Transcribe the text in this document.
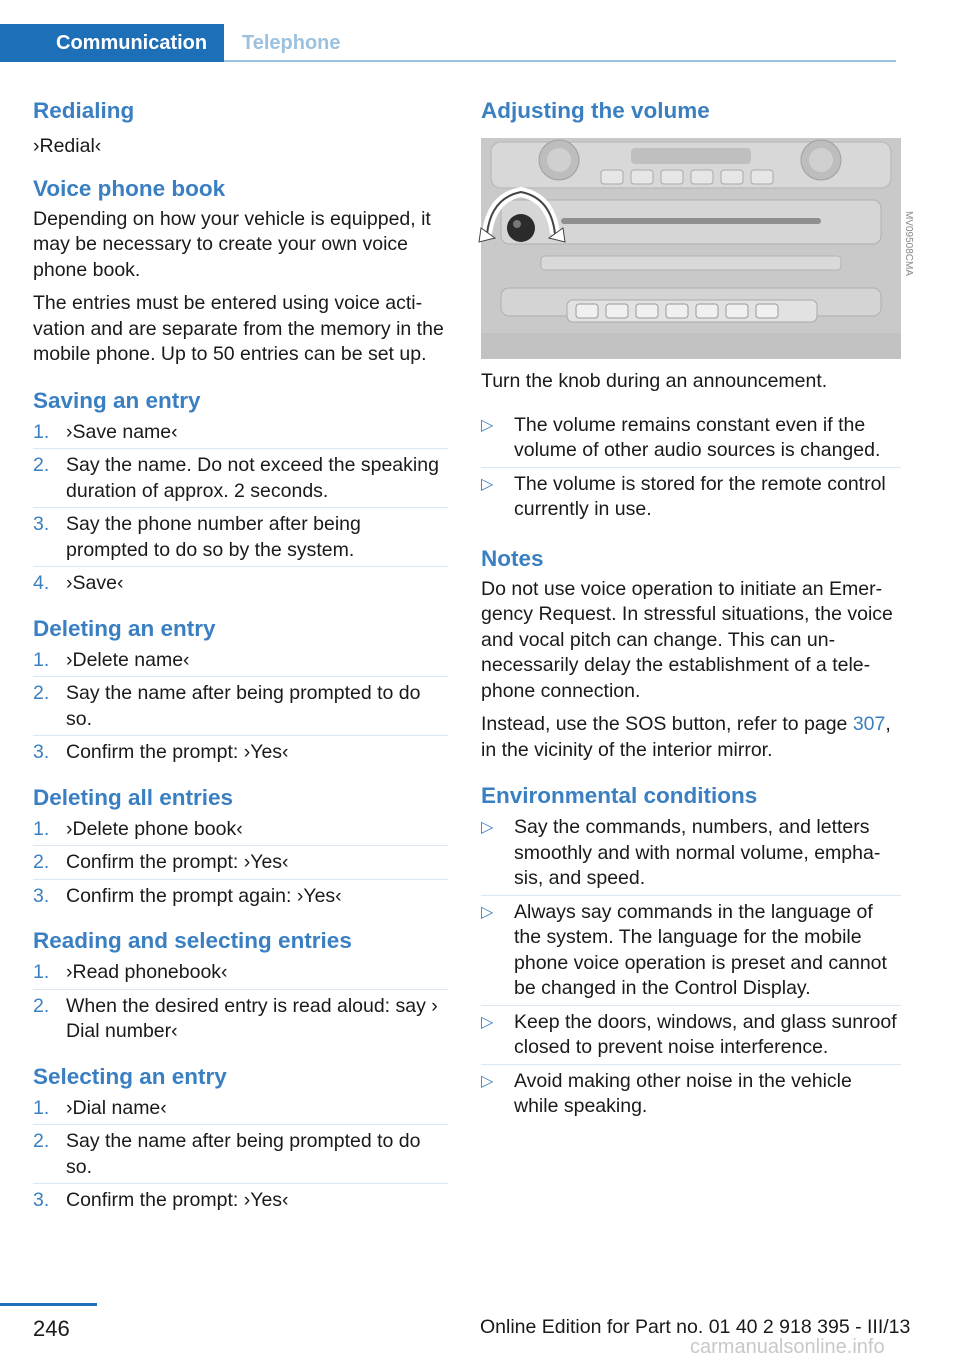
Communication	Telephone
Redialing

›Redial‹

Voice phone book

Depending on how your vehicle is equipped, it may be necessary to create your own voice phone book.

The entries must be entered using voice activation and are separate from the memory in the mobile phone. Up to 50 entries can be set up.

Saving an entry
1. ›Save name‹
2. Say the name. Do not exceed the speaking duration of approx. 2 seconds.
3. Say the phone number after being prompted to do so by the system.
4. ›Save‹
Deleting an entry
1. ›Delete name‹
2. Say the name after being prompted to do so.
3. Confirm the prompt: ›Yes‹
Deleting all entries
1. ›Delete phone book‹
2. Confirm the prompt: ›Yes‹
3. Confirm the prompt again: ›Yes‹
Reading and selecting entries
1. ›Read phonebook‹
2. When the desired entry is read aloud: say › Dial number‹
Selecting an entry
1. ›Dial name‹
2. Say the name after being prompted to do so.
3. Confirm the prompt: ›Yes‹
Adjusting the volume
MV09508CMA

Turn the knob during an announcement.

▷ The volume remains constant even if the volume of other audio sources is changed.
▷ The volume is stored for the remote control currently in use.
Notes

Do not use voice operation to initiate an Emergency Request. In stressful situations, the voice and vocal pitch can change. This can unnecessarily delay the establishment of a telephone connection.

Instead, use the SOS button, refer to page 307, in the vicinity of the interior mirror.

Environmental conditions
▷ Say the commands, numbers, and letters smoothly and with normal volume, emphasis, and speed.
▷ Always say commands in the language of the system. The language for the mobile phone voice operation is preset and cannot be changed in the Control Display.
▷ Keep the doors, windows, and glass sunroof closed to prevent noise interference.
▷ Avoid making other noise in the vehicle while speaking.
246	Online Edition for Part no. 01 40 2 918 395 - III/13
carmanualsonline.info
